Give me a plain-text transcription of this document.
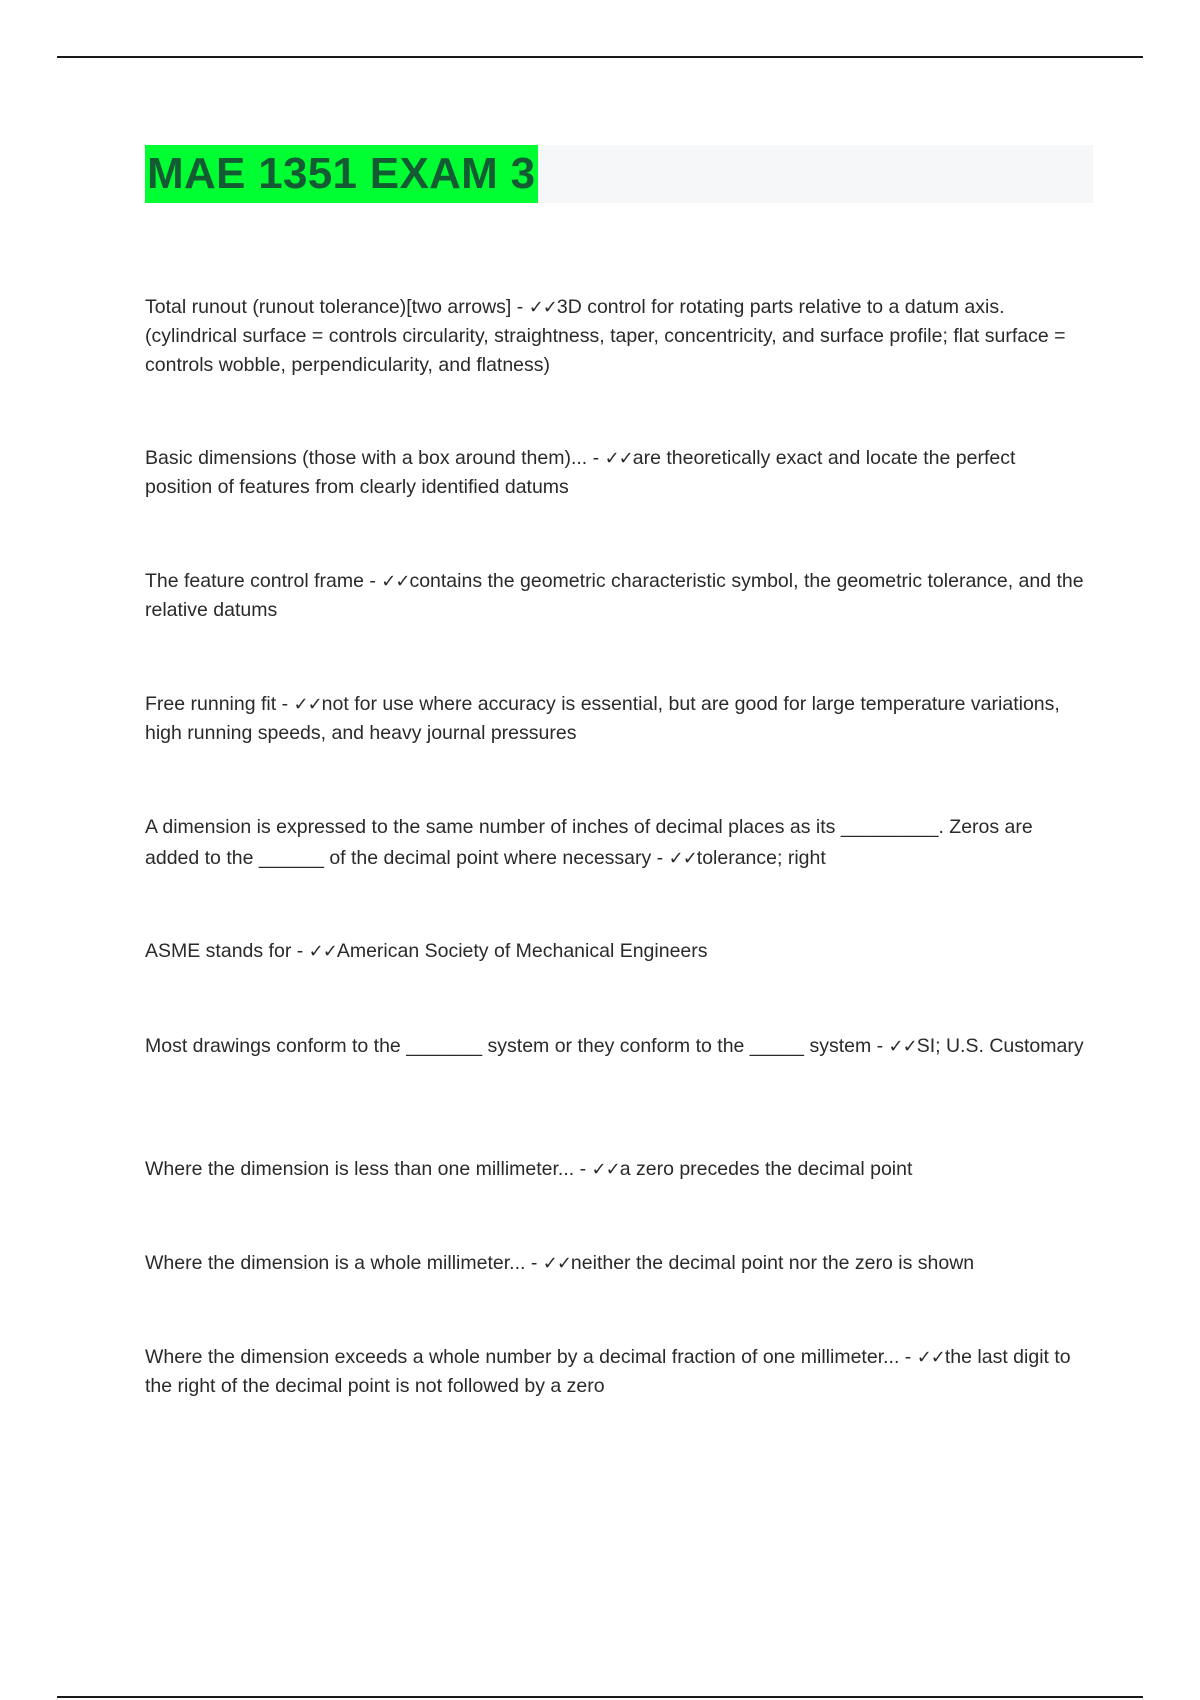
MAE 1351 EXAM 3
Total runout (runout tolerance)[two arrows] - ✓✓3D control for rotating parts relative to a datum axis. (cylindrical surface = controls circularity, straightness, taper, concentricity, and surface profile; flat surface = controls wobble, perpendicularity, and flatness)
Basic dimensions (those with a box around them)... - ✓✓are theoretically exact and locate the perfect position of features from clearly identified datums
The feature control frame - ✓✓contains the geometric characteristic symbol, the geometric tolerance, and the relative datums
Free running fit - ✓✓not for use where accuracy is essential, but are good for large temperature variations, high running speeds, and heavy journal pressures
A dimension is expressed to the same number of inches of decimal places as its _________. Zeros are added to the ______ of the decimal point where necessary - ✓✓tolerance; right
ASME stands for - ✓✓American Society of Mechanical Engineers
Most drawings conform to the _______ system or they conform to the _____ system - ✓✓SI; U.S. Customary
Where the dimension is less than one millimeter... - ✓✓a zero precedes the decimal point
Where the dimension is a whole millimeter... - ✓✓neither the decimal point nor the zero is shown
Where the dimension exceeds a whole number by a decimal fraction of one millimeter... - ✓✓the last digit to the right of the decimal point is not followed by a zero
